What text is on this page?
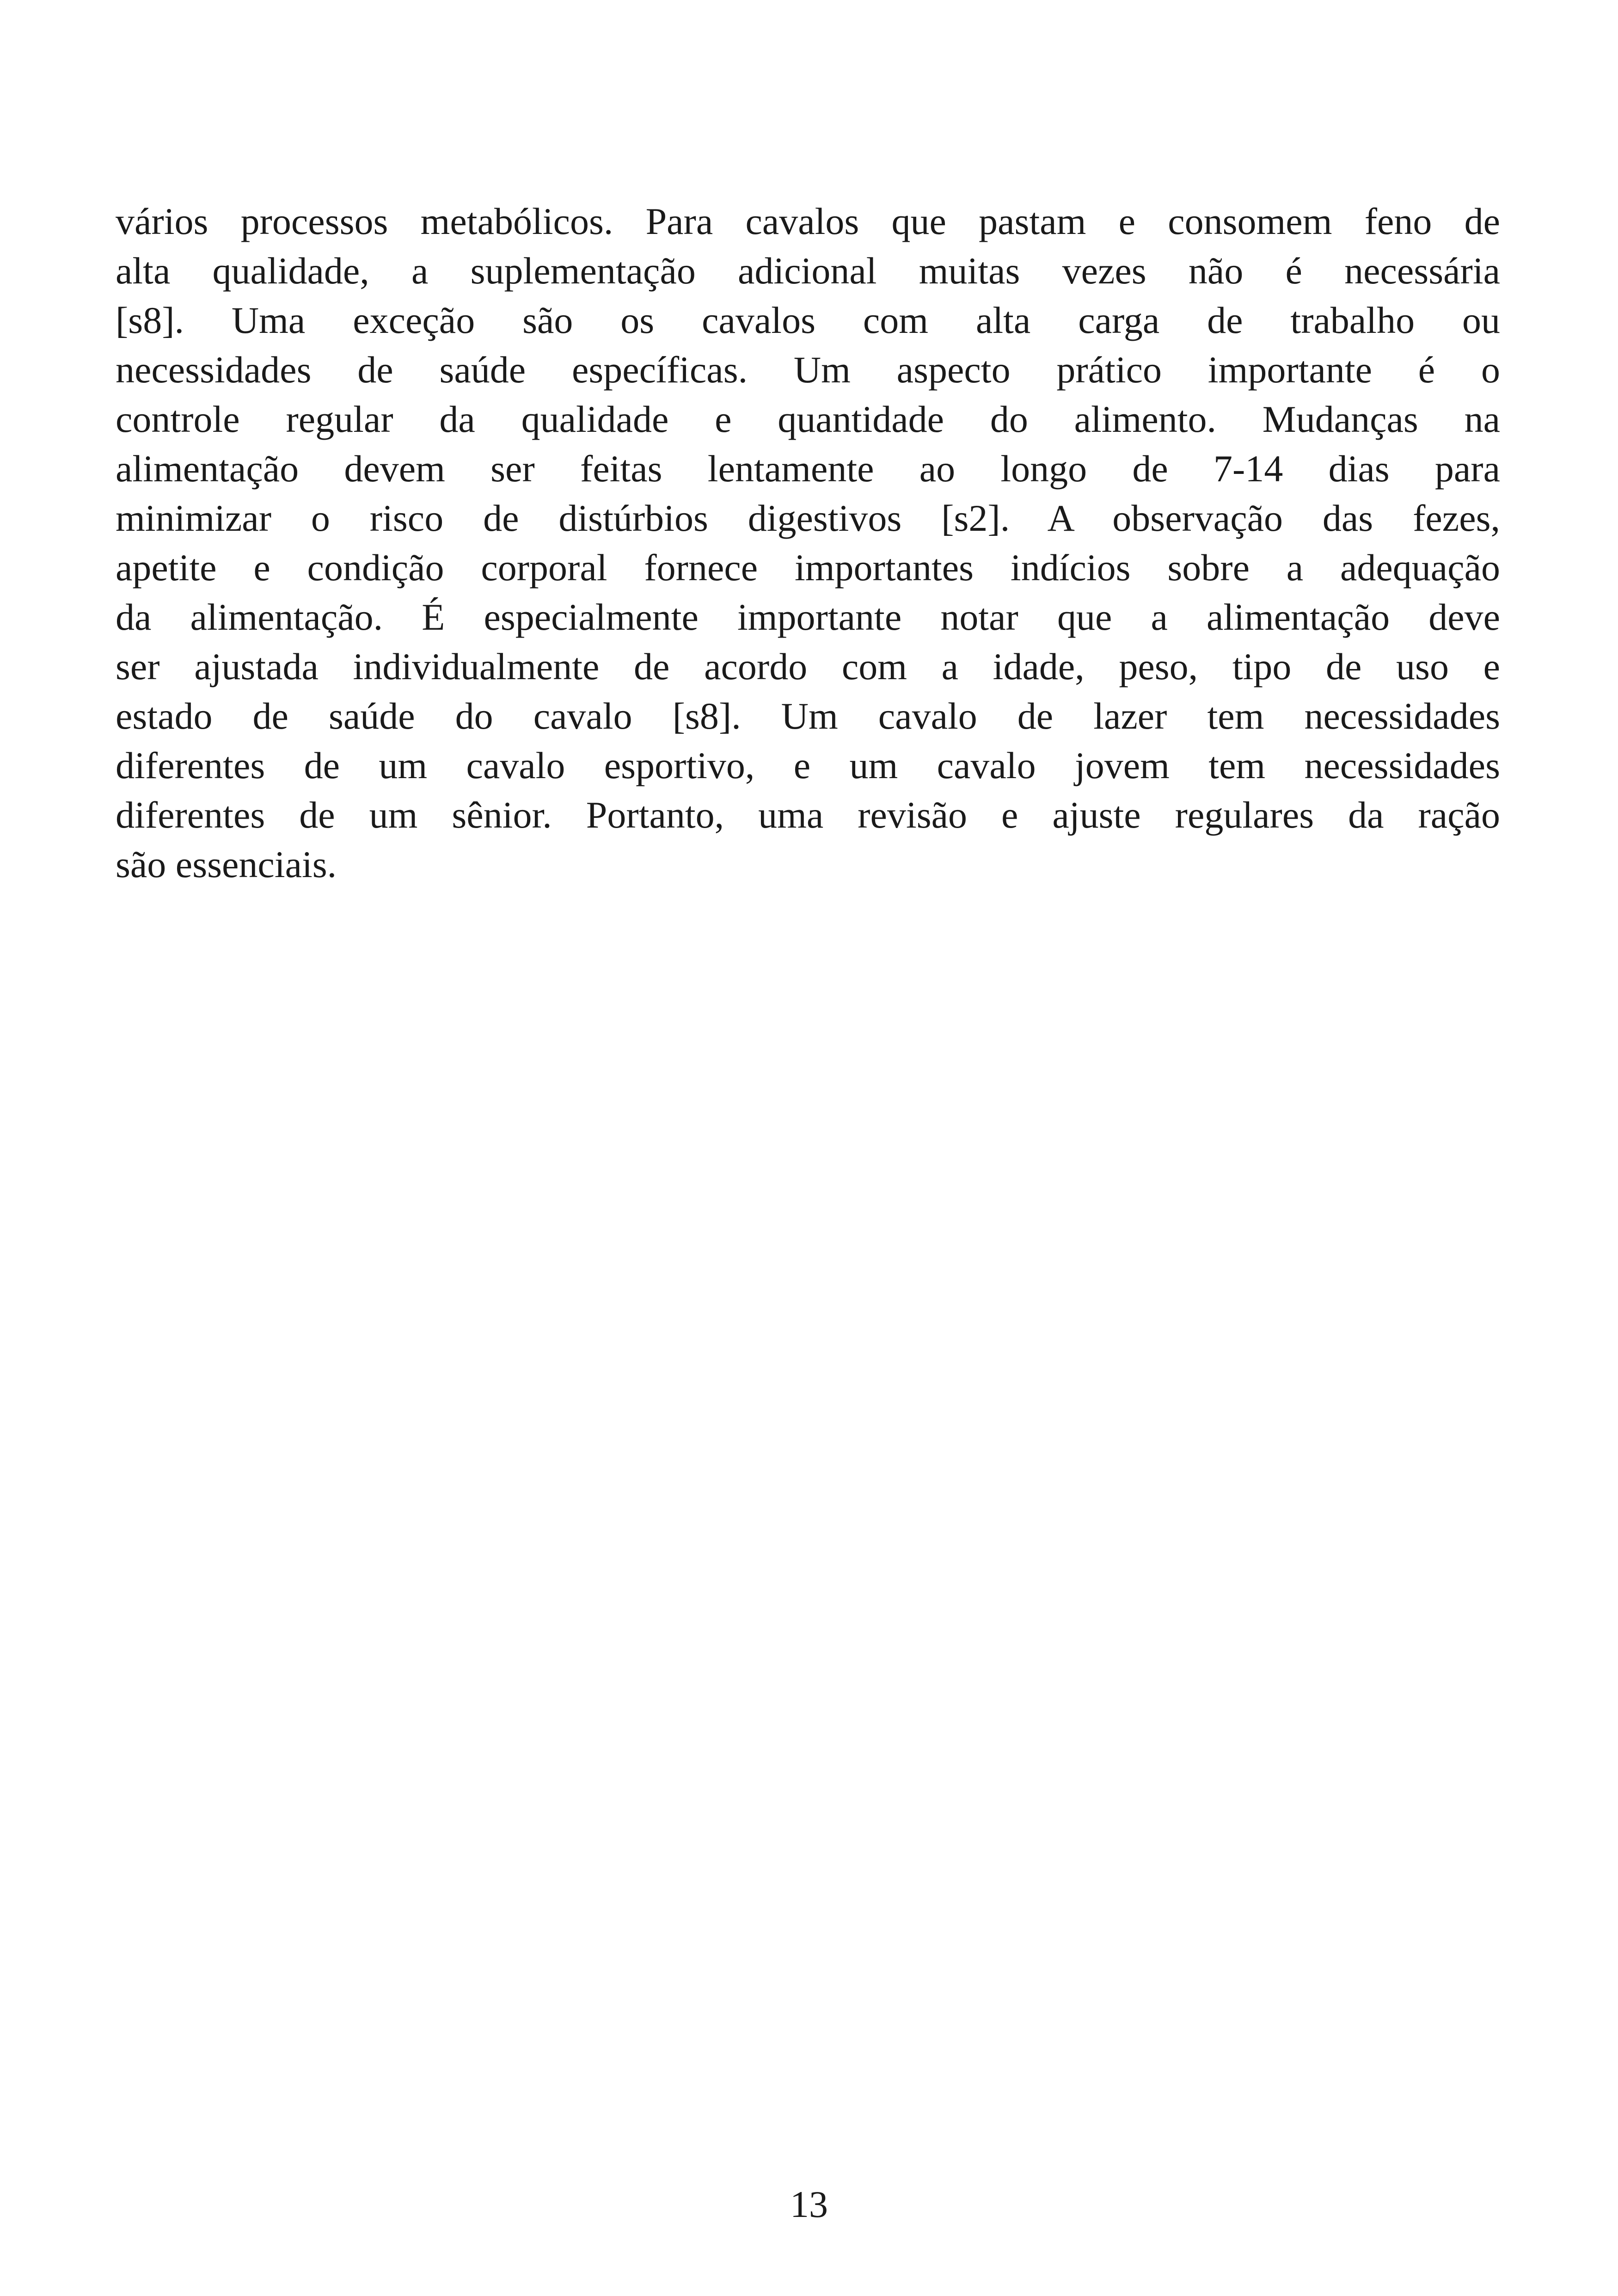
vários processos metabólicos. Para cavalos que pastam e consomem feno de
alta qualidade, a suplementação adicional muitas vezes não é necessária
[s8]. Uma exceção são os cavalos com alta carga de trabalho ou
necessidades de saúde específicas. Um aspecto prático importante é o
controle regular da qualidade e quantidade do alimento. Mudanças na
alimentação devem ser feitas lentamente ao longo de 7-14 dias para
minimizar o risco de distúrbios digestivos [s2]. A observação das fezes,
apetite e condição corporal fornece importantes indícios sobre a adequação
da alimentação. É especialmente importante notar que a alimentação deve
ser ajustada individualmente de acordo com a idade, peso, tipo de uso e
estado de saúde do cavalo [s8]. Um cavalo de lazer tem necessidades
diferentes de um cavalo esportivo, e um cavalo jovem tem necessidades
diferentes de um sênior. Portanto, uma revisão e ajuste regulares da ração
são essenciais.
13
